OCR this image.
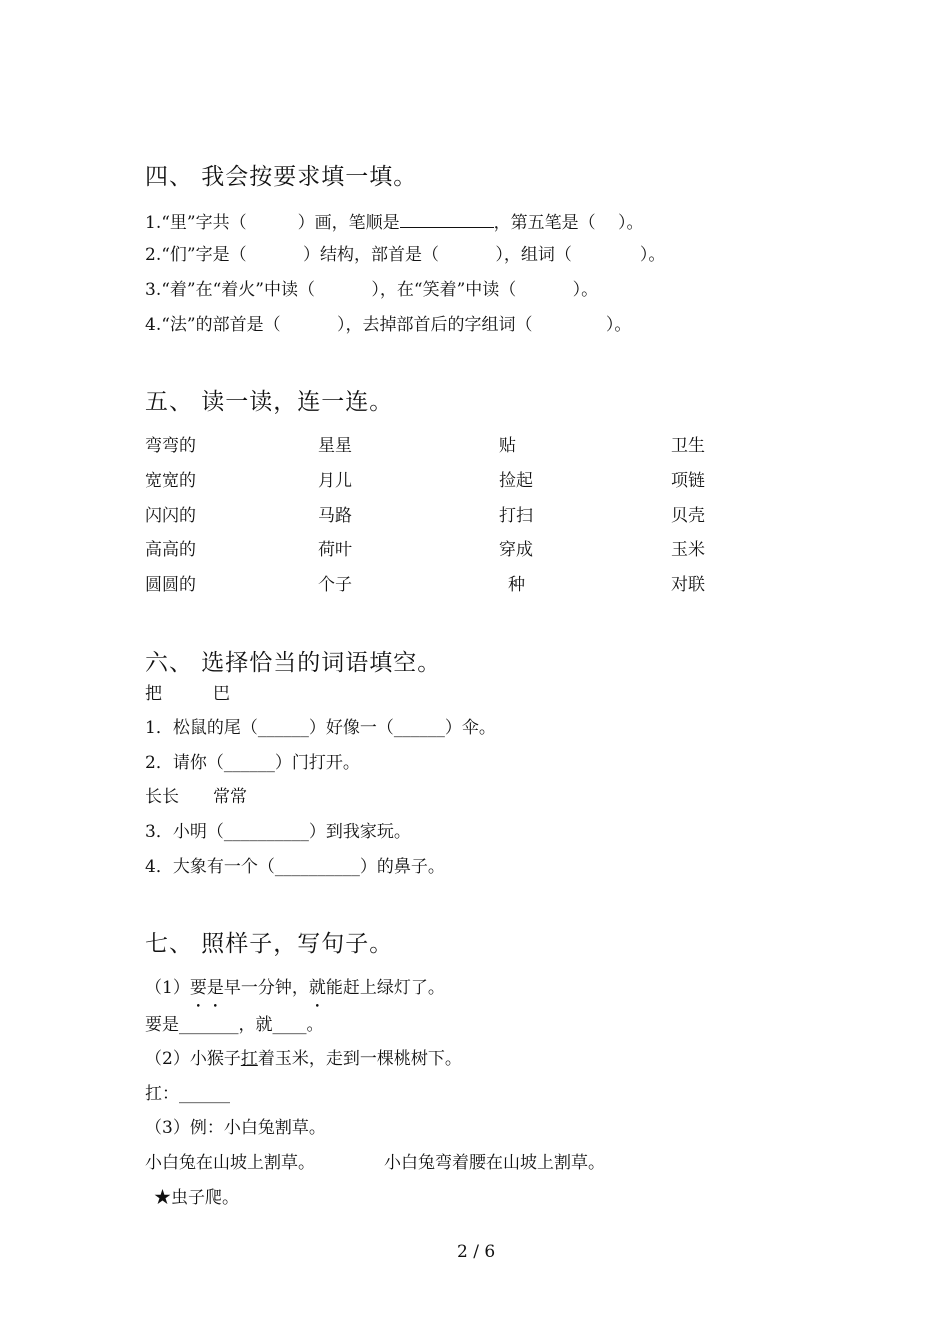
四、 我会按要求填一填。
1.“里”字共（　　　）画，笔顺是	，第五笔是（　 ）。
2.“们”字是（　　　 ）结构，部首是（　　　 ），组词（　　　　）。
3.“着”在“着火”中读（　　　 ），在“笑着”中读（　　　 ）。
4.“法”的部首是（　　　 ），去掉部首后的字组词（　　　　 ）。
五、 读一读，连一连。
弯弯的
宽宽的
闪闪的
高高的
圆圆的
星星
月儿
马路
荷叶
个子
贴
捡起
打扫
穿成
种
卫生
项链
贝壳
玉米
对联
六、 选择恰当的词语填空。
把　　　巴
1．松鼠的尾（______）好像一（______）伞。
2．请你（______）门打开。
长长　　常常
3．小明（__________）到我家玩。
4．大象有一个（__________）的鼻子。
七、 照样子，写句子。
（1）要是早一分钟，就能赶上绿灯了。
要是_______，就____。
（2）小猴子扛着玉米，走到一棵桃树下。
扛：______
（3）例：小白兔割草。
小白兔在山坡上割草。	小白兔弯着腰在山坡上割草。
★虫子爬。
2 / 6
